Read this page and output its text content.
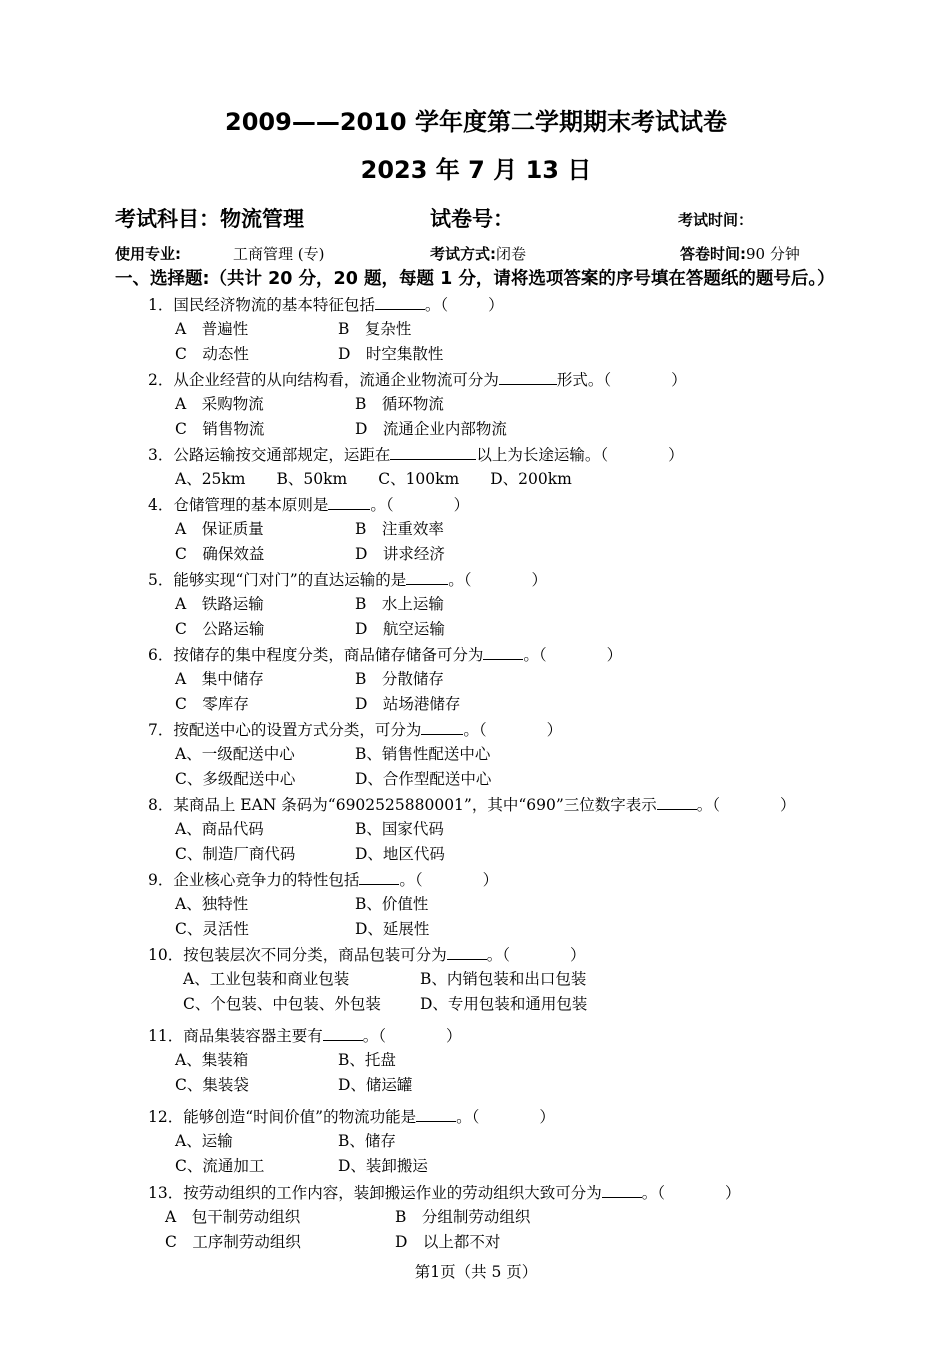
2009——2010 学年度第二学期期末考试试卷
2023 年 7 月 13 日
考试科目：物流管理	试卷号：	考试时间：
使用专业:	工商管理 (专)	考试方式:闭卷	答卷时间:90 分钟
一、选择题:（共计 20 分，20 题，每题 1 分，请将选项答案的序号填在答题纸的题号后。）
1．国民经济物流的基本特征包括	。（	）
A　普遍性	B　复杂性
C　动态性	D　时空集散性
2．从企业经营的从向结构看，流通企业物流可分为	形式。（	）
A　采购物流	B　循环物流
C　销售物流	D　流通企业内部物流
3．公路运输按交通部规定，运距在	以上为长途运输。（	）
A、25km　　B、50km　　C、100km　　D、200km
4．仓储管理的基本原则是	。（	）
A　保证质量	B　注重效率
C　确保效益	D　讲求经济
5．能够实现“门对门”的直达运输的是	。（	）
A　铁路运输	B　水上运输
C　公路运输	D　航空运输
6．按储存的集中程度分类，商品储存储备可分为	。（	）
A　集中储存	B　分散储存
C　零库存	D　站场港储存
7．按配送中心的设置方式分类，可分为	。（	）
A、一级配送中心	B、销售性配送中心
C、多级配送中心	D、合作型配送中心
8．某商品上 EAN 条码为“6902525880001”，其中“690”三位数字表示	。（	）
A、商品代码	B、国家代码
C、制造厂商代码	D、地区代码
9．企业核心竞争力的特性包括	。（	）
A、独特性	B、价值性
C、灵活性	D、延展性
10．按包装层次不同分类，商品包装可分为	。（	）
A、工业包装和商业包装	B、内销包装和出口包装
C、个包装、中包装、外包装	D、专用包装和通用包装
11．商品集装容器主要有	。（	）
A、集装箱	B、托盘
C、集装袋	D、储运罐
12．能够创造“时间价值”的物流功能是	。（	）
A、运输	B、储存
C、流通加工	D、装卸搬运
13．按劳动组织的工作内容，装卸搬运作业的劳动组织大致可分为	。（	）
A　包干制劳动组织	B　分组制劳动组织
C　工序制劳动组织	D　以上都不对
第1页（共 5 页）
